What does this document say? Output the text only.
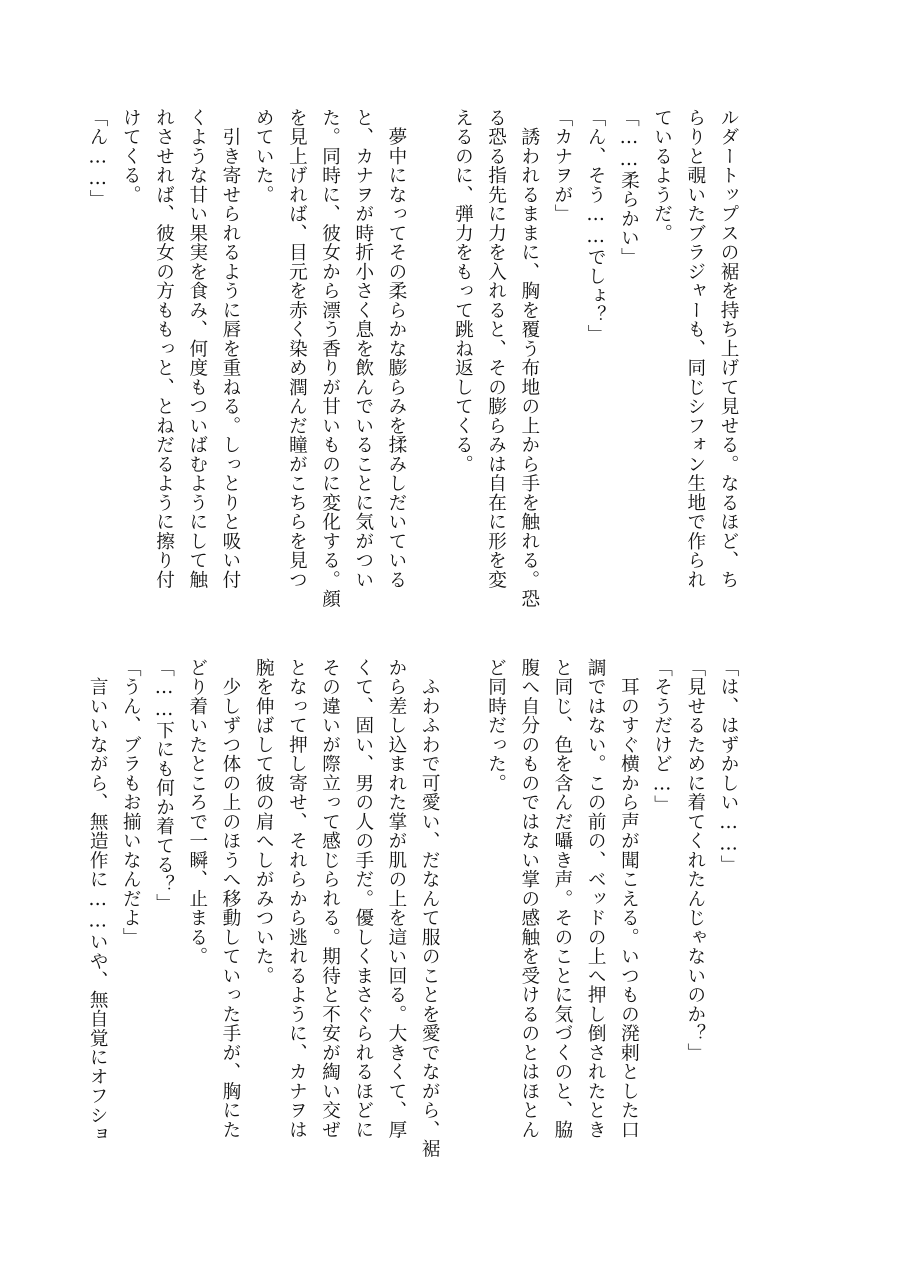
ルダートップスの裾を持ち上げて見せる。なるほど、ち
らりと覗いたブラジャーも、同じシフォン生地で作られ
ているようだ。
「……柔らかい」
「ん、そう……でしょ？」
「カナヲが」
　誘われるままに、胸を覆う布地の上から手を触れる。恐
る恐る指先に力を入れると、その膨らみは自在に形を変
えるのに、弾力をもって跳ね返してくる。
　夢中になってその柔らかな膨らみを揉みしだいている
と、カナヲが時折小さく息を飲んでいることに気がつい
た。同時に、彼女から漂う香りが甘いものに変化する。顔
を見上げれば、目元を赤く染め潤んだ瞳がこちらを見つ
めていた。
　引き寄せられるように唇を重ねる。しっとりと吸い付
くような甘い果実を食み、何度もついばむようにして触
れさせれば、彼女の方ももっと、とねだるように擦り付
けてくる。
「ん……」
「は、はずかしい……」
「見せるために着てくれたんじゃないのか？」
「そうだけど…」
　耳のすぐ横から声が聞こえる。いつもの溌剌とした口
調ではない。この前の、ベッドの上へ押し倒されたとき
と同じ、色を含んだ囁き声。そのことに気づくのと、脇
腹へ自分のものではない掌の感触を受けるのとはほとん
ど同時だった。
　ふわふわで可愛い、だなんて服のことを愛でながら、裾
から差し込まれた掌が肌の上を這い回る。大きくて、厚
くて、固い、男の人の手だ。優しくまさぐられるほどに
その違いが際立って感じられる。期待と不安が綯い交ぜ
となって押し寄せ、それらから逃れるように、カナヲは
腕を伸ばして彼の肩へしがみついた。
　少しずつ体の上のほうへ移動していった手が、胸にた
どり着いたところで一瞬、止まる。
「……下にも何か着てる？」
「うん、ブラもお揃いなんだよ」
　言いいながら、無造作に……いや、無自覚にオフショ
